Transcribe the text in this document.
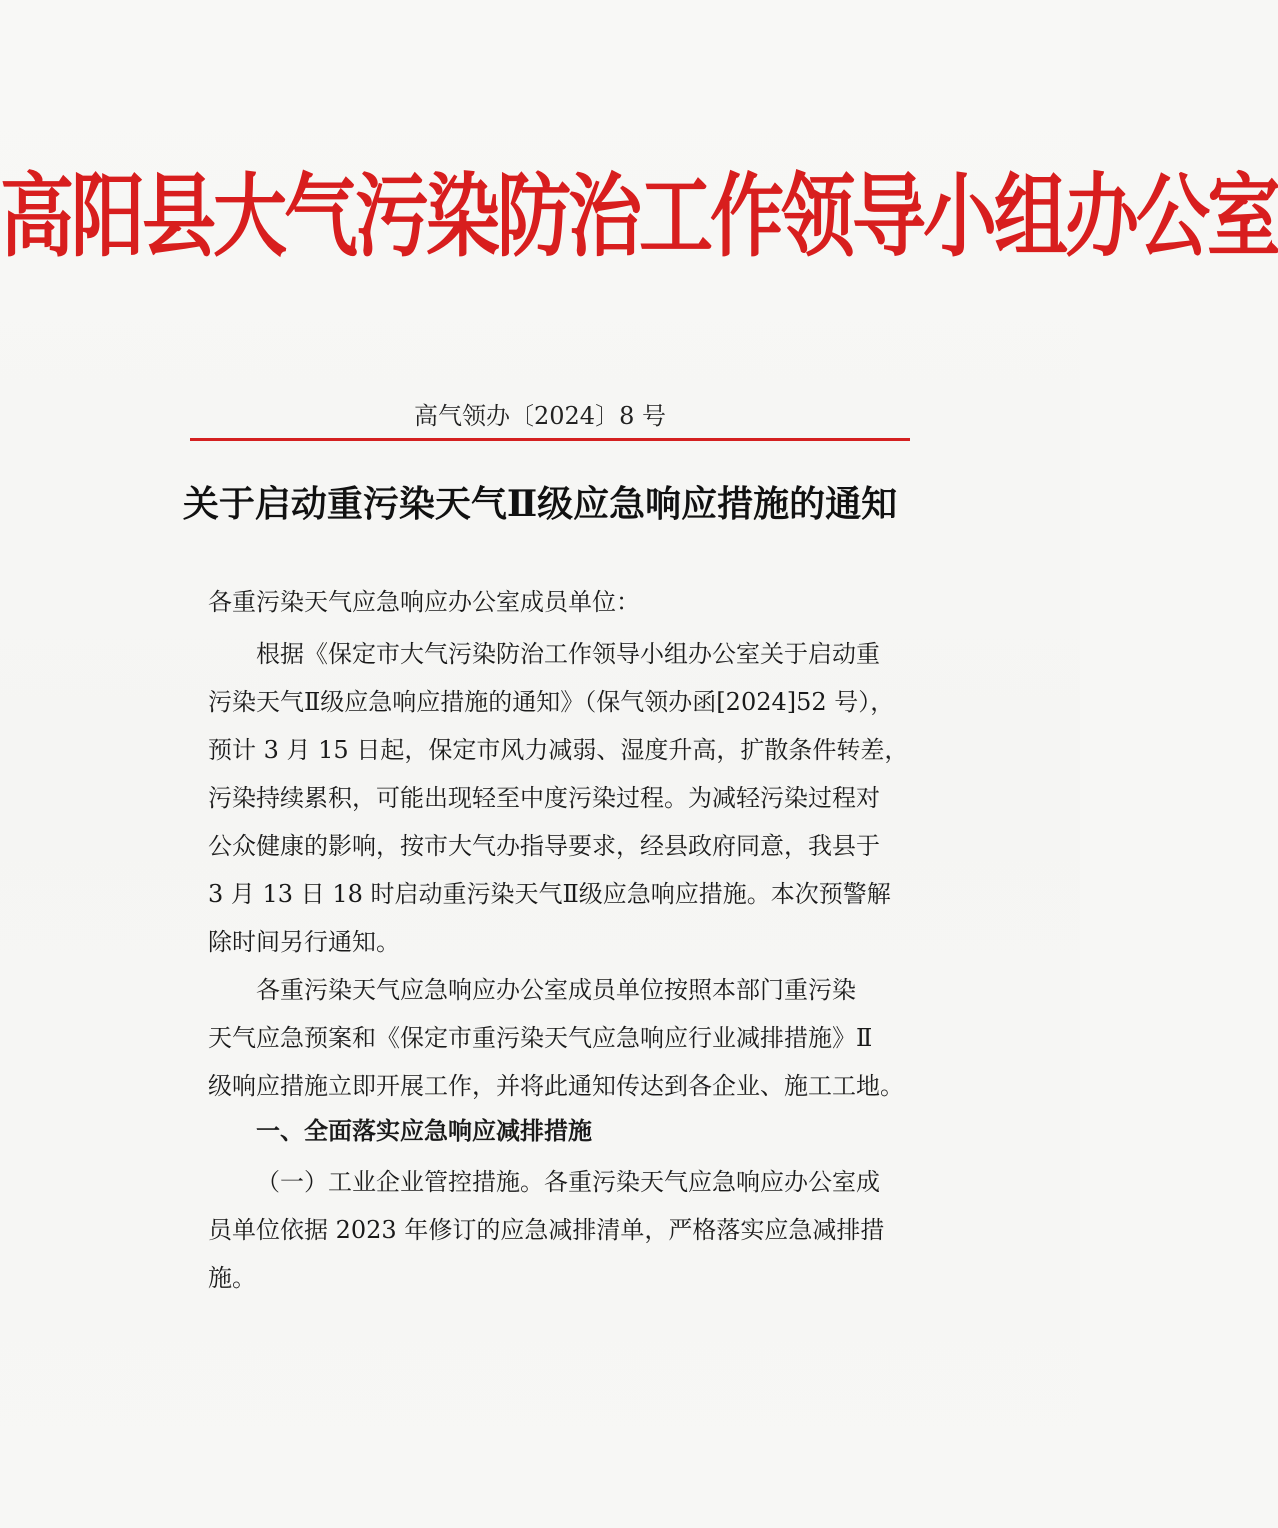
高阳县大气污染防治工作领导小组办公室
高气领办〔2024〕8 号
关于启动重污染天气Ⅱ级应急响应措施的通知
各重污染天气应急响应办公室成员单位：
根据《保定市大气污染防治工作领导小组办公室关于启动重
污染天气Ⅱ级应急响应措施的通知》（保气领办函[2024]52 号），
预计 3 月 15 日起，保定市风力减弱、湿度升高，扩散条件转差，
污染持续累积，可能出现轻至中度污染过程。为减轻污染过程对
公众健康的影响，按市大气办指导要求，经县政府同意，我县于
3 月 13 日 18 时启动重污染天气Ⅱ级应急响应措施。本次预警解
除时间另行通知。
各重污染天气应急响应办公室成员单位按照本部门重污染
天气应急预案和《保定市重污染天气应急响应行业减排措施》Ⅱ
级响应措施立即开展工作，并将此通知传达到各企业、施工工地。
一、全面落实应急响应减排措施
（一）工业企业管控措施。各重污染天气应急响应办公室成
员单位依据 2023 年修订的应急减排清单，严格落实应急减排措
施。
